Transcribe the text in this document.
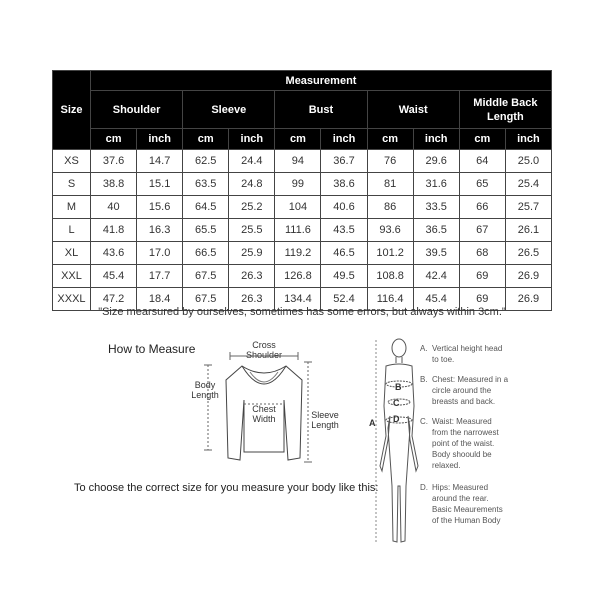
Size	Measurement									
	Shoulder		Sleeve		Bust		Waist		Middle Back Length	
	cm	inch	cm	inch	cm	inch	cm	inch	cm	inch
XS	37.6	14.7	62.5	24.4	94	36.7	76	29.6	64	25.0
S	38.8	15.1	63.5	24.8	99	38.6	81	31.6	65	25.4
M	40	15.6	64.5	25.2	104	40.6	86	33.5	66	25.7
L	41.8	16.3	65.5	25.5	111.6	43.5	93.6	36.5	67	26.1
XL	43.6	17.0	66.5	25.9	119.2	46.5	101.2	39.5	68	26.5
XXL	45.4	17.7	67.5	26.3	126.8	49.5	108.8	42.4	69	26.9
XXXL	47.2	18.4	67.5	26.3	134.4	52.4	116.4	45.4	69	26.9
"Size mearsured by ourselves, sometimes has some errors, but always within 3cm."
How to Measure	Cross
Shoulder
Body
Length
Chest
Width	Sleeve
Length
To choose the correct size for you measure your body like this:
A
B
C
D
A. Vertical height head
to toe.
B. Chest: Measured in a
circle around the
breasts and back.
C. Waist: Measured
from the narrowest
point of the waist.
Body shoould be
relaxed.
D. Hips: Measured
around the rear.
Basic Meaurements
of the Human Body
